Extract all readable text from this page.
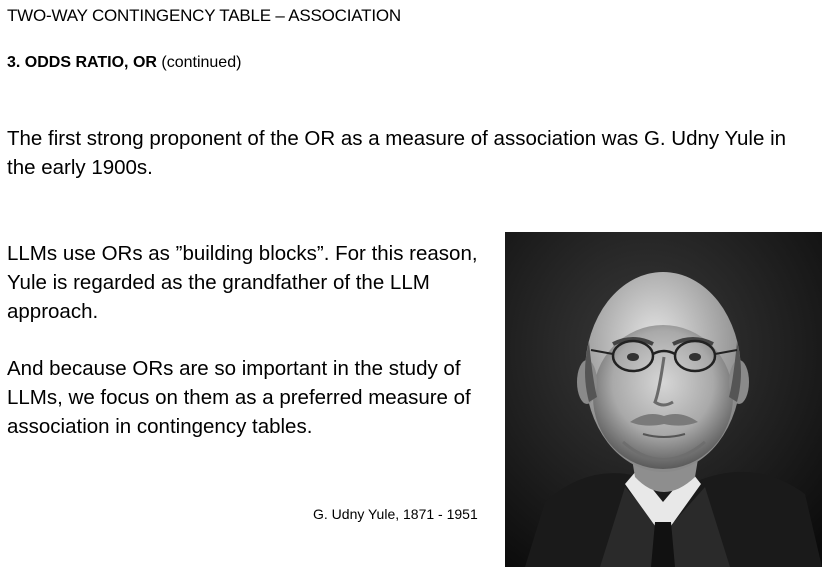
TWO-WAY CONTINGENCY TABLE – ASSOCIATION
3. ODDS RATIO, OR (continued)
The first strong proponent of the OR as a measure of association was G. Udny Yule in the early 1900s.
LLMs use ORs as ”building blocks”. For this reason, Yule is regarded as the grandfather of the LLM approach.
And because ORs are so important in the study of LLMs, we focus on them as a preferred measure of association in contingency tables.
G. Udny Yule, 1871 - 1951
